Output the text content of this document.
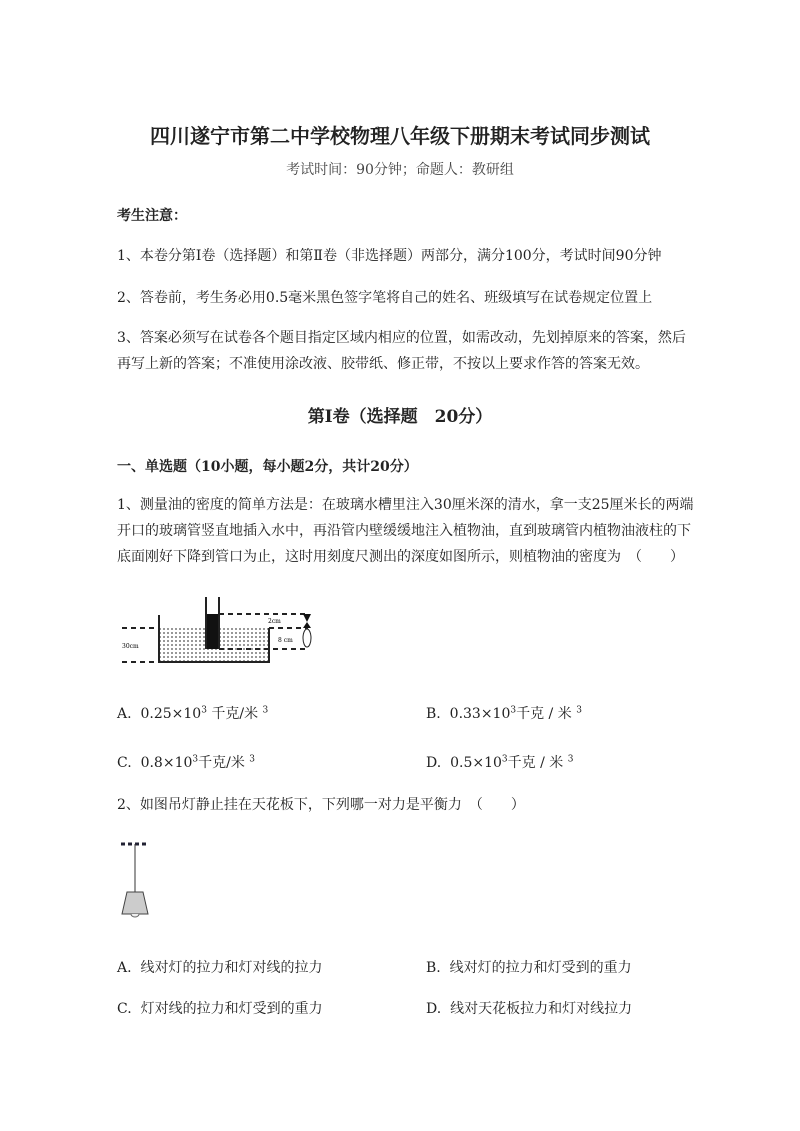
四川遂宁市第二中学校物理八年级下册期末考试同步测试
考试时间：90分钟；命题人：教研组
考生注意：
1、本卷分第I卷（选择题）和第Ⅱ卷（非选择题）两部分，满分100分，考试时间90分钟
2、答卷前，考生务必用0.5毫米黑色签字笔将自己的姓名、班级填写在试卷规定位置上
3、答案必须写在试卷各个题目指定区域内相应的位置，如需改动，先划掉原来的答案，然后再写上新的答案；不准使用涂改液、胶带纸、修正带，不按以上要求作答的答案无效。
第I卷（选择题　20分）
一、单选题（10小题，每小题2分，共计20分）
1、测量油的密度的简单方法是：在玻璃水槽里注入30厘米深的清水，拿一支25厘米长的两端开口的玻璃管竖直地插入水中，再沿管内壁缓缓地注入植物油，直到玻璃管内植物油液柱的下底面刚好下降到管口为止，这时用刻度尺测出的深度如图所示，则植物油的密度为　（　　）
30cm
2cm
8 cm
A. $0.25\times 10^3$ 千克/米 $^3$	B. $0.33\times 10^3$千克 / 米 $^3$
C. $0.8\times 10^3$千克/米 $^3$	D. $0.5\times 10^3$千克 / 米 $^3$
2、如图吊灯静止挂在天花板下，下列哪一对力是平衡力　（　　）
A. 线对灯的拉力和灯对线的拉力	B. 线对灯的拉力和灯受到的重力
C. 灯对线的拉力和灯受到的重力	D. 线对天花板拉力和灯对线拉力
